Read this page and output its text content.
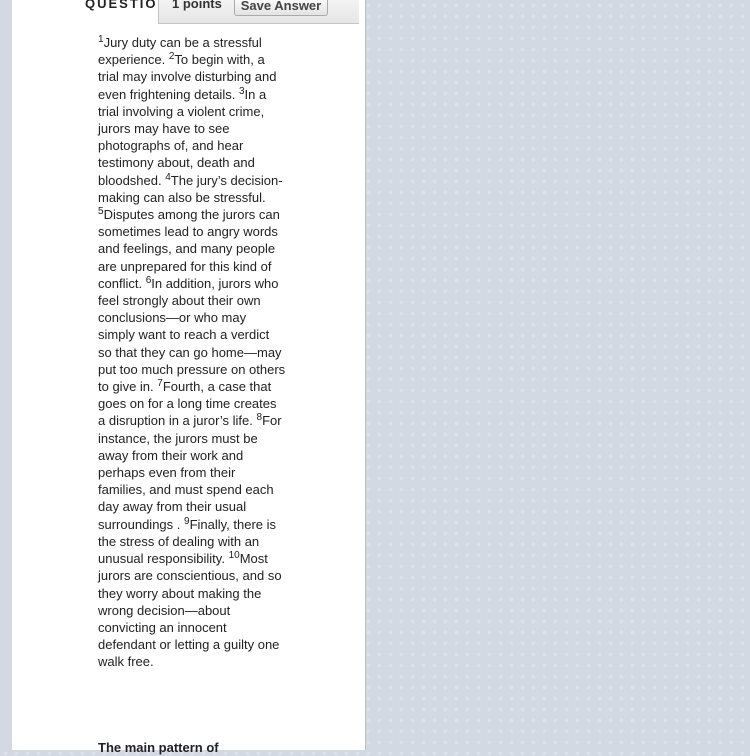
QUESTIO	1 points	Save Answer
$^1$Jury duty can be a stressful experience. $^2$To begin with, a trial may involve disturbing and even frightening details. $^3$In a trial involving a violent crime, jurors may have to see photographs of, and hear testimony about, death and bloodshed. $^4$The jury’s decision-making can also be stressful. $^5$Disputes among the jurors can sometimes lead to angry words and feelings, and many people are unprepared for this kind of conflict. $^6$In addition, jurors who feel strongly about their own conclusions—or who may simply want to reach a verdict so that they can go home—may put too much pressure on others to give in. $^7$Fourth, a case that goes on for a long time creates a disruption in a juror’s life. $^8$For instance, the jurors must be away from their work and perhaps even from their families, and must spend each day away from their usual surroundings . $^9$Finally, there is the stress of dealing with an unusual responsibility. $^{10}$Most jurors are conscientious, and so they worry about making the wrong decision—about convicting an innocent defendant or letting a guilty one walk free.
The main pattern of
